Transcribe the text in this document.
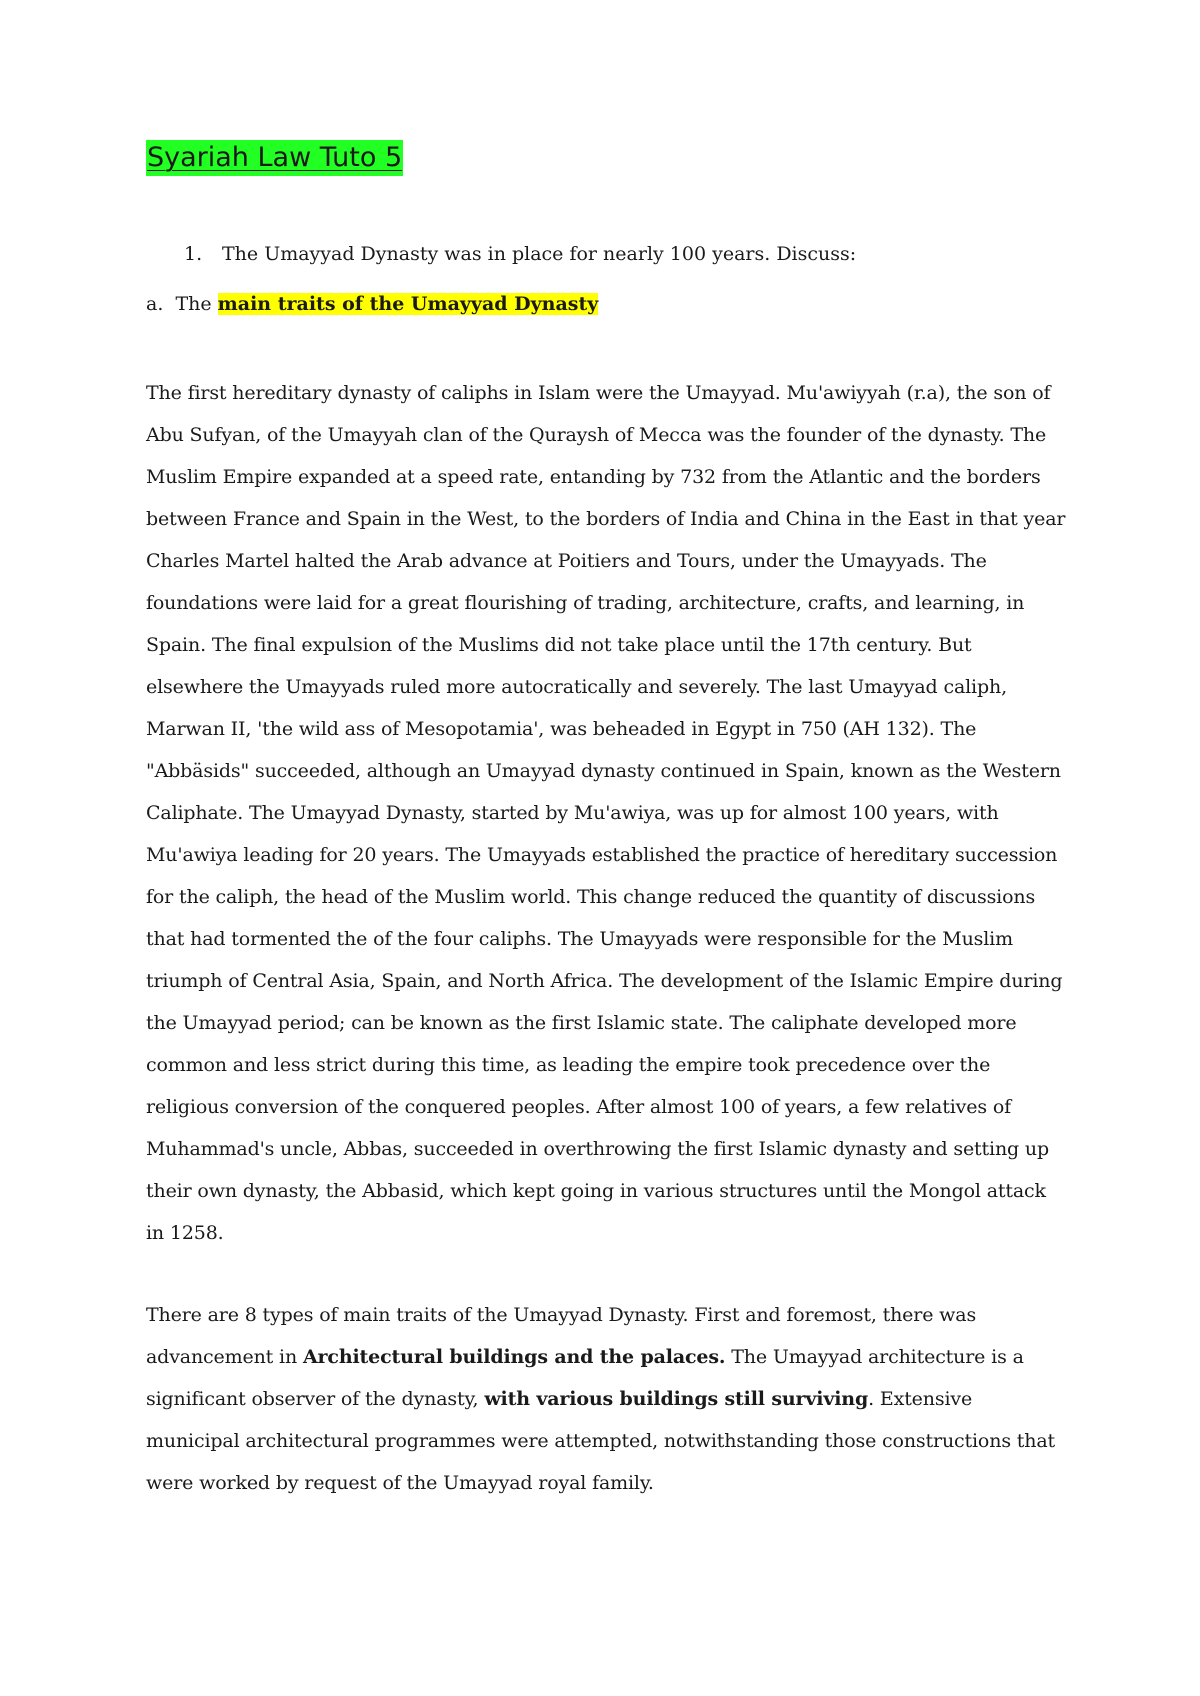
Syariah Law Tuto 5
1.	The Umayyad Dynasty was in place for nearly 100 years. Discuss:
a. The main traits of the Umayyad Dynasty

The first hereditary dynasty of caliphs in Islam were the Umayyad. Mu'awiyyah (r.a), the son of Abu Sufyan, of the Umayyah clan of the Quraysh of Mecca was the founder of the dynasty. The Muslim Empire expanded at a speed rate, entanding by 732 from the Atlantic and the borders between France and Spain in the West, to the borders of India and China in the East in that year Charles Martel halted the Arab advance at Poitiers and Tours, under the Umayyads. The foundations were laid for a great flourishing of trading, architecture, crafts, and learning, in Spain. The final expulsion of the Muslims did not take place until the 17th century. But elsewhere the Umayyads ruled more autocratically and severely. The last Umayyad caliph, Marwan II, 'the wild ass of Mesopotamia', was beheaded in Egypt in 750 (AH 132). The "Abbäsids" succeeded, although an Umayyad dynasty continued in Spain, known as the Western Caliphate. The Umayyad Dynasty, started by Mu'awiya, was up for almost 100 years, with Mu'awiya leading for 20 years. The Umayyads established the practice of hereditary succession for the caliph, the head of the Muslim world. This change reduced the quantity of discussions that had tormented the of the four caliphs. The Umayyads were responsible for the Muslim triumph of Central Asia, Spain, and North Africa. The development of the Islamic Empire during the Umayyad period; can be known as the first Islamic state. The caliphate developed more common and less strict during this time, as leading the empire took precedence over the religious conversion of the conquered peoples. After almost 100 of years, a few relatives of Muhammad's uncle, Abbas, succeeded in overthrowing the first Islamic dynasty and setting up their own dynasty, the Abbasid, which kept going in various structures until the Mongol attack in 1258.

There are 8 types of main traits of the Umayyad Dynasty. First and foremost, there was advancement in Architectural buildings and the palaces. The Umayyad architecture is a significant observer of the dynasty, with various buildings still surviving. Extensive municipal architectural programmes were attempted, notwithstanding those constructions that were worked by request of the Umayyad royal family.
